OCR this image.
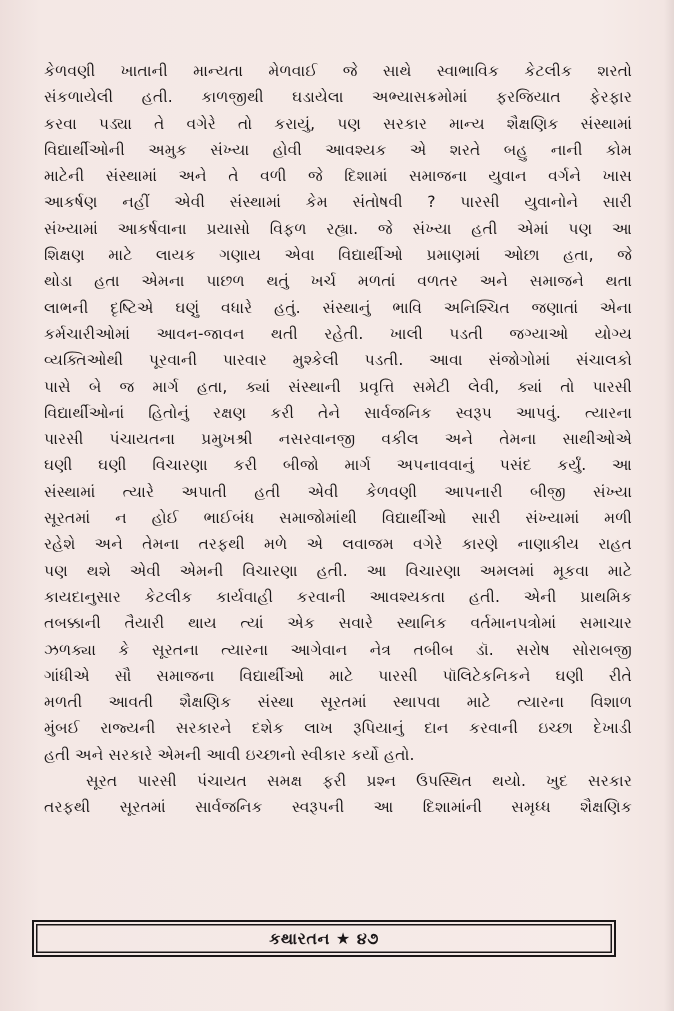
કેળવણી ખાતાની માન્યતા મેળવાઈ જે સાથે સ્વાભાવિક કેટલીક શરતો
સંકળાયેલી હતી. કાળજીથી ઘડાયેલા અભ્યાસક્રમોમાં ફરજિયાત ફેરફાર
કરવા પડ્યા તે વગેરે તો કરાયું, પણ સરકાર માન્ય શૈક્ષણિક સંસ્થામાં
વિદ્યાર્થીઓની અમુક સંખ્યા હોવી આવશ્યક એ શરતે બહુ નાની કોમ
માટેની સંસ્થામાં અને તે વળી જે દિશામાં સમાજના યુવાન વર્ગને ખાસ
આકર્ષણ નહીં એવી સંસ્થામાં કેમ સંતોષવી ? પારસી યુવાનોને સારી
સંખ્યામાં આકર્ષવાના પ્રયાસો વિફળ રહ્યા. જે સંખ્યા હતી એમાં પણ આ
શિક્ષણ માટે લાયક ગણાય એવા વિદ્યાર્થીઓ પ્રમાણમાં ઓછા હતા, જે
થોડા હતા એમના પાછળ થતું ખર્ચ મળતાં વળતર અને સમાજને થતા
લાભની દૃષ્ટિએ ઘણું વધારે હતું. સંસ્થાનું ભાવિ અનિશ્ચિત જણાતાં એના
કર્મચારીઓમાં આવન-જાવન થતી રહેતી. ખાલી પડતી જગ્યાઓ યોગ્ય
વ્યક્તિઓથી પૂરવાની પારવાર મુશ્કેલી પડતી. આવા સંજોગોમાં સંચાલકો
પાસે બે જ માર્ગ હતા, ક્યાં સંસ્થાની પ્રવૃત્તિ સમેટી લેવી, ક્યાં તો પારસી
વિદ્યાર્થીઓનાં હિતોનું રક્ષણ કરી તેને સાર્વજનિક સ્વરૂપ આપવું. ત્યારના
પારસી પંચાયતના પ્રમુખશ્રી નસરવાનજી વકીલ અને તેમના સાથીઓએ
ઘણી ઘણી વિચારણા કરી બીજો માર્ગ અપનાવવાનું પસંદ કર્યું. આ
સંસ્થામાં ત્યારે અપાતી હતી એવી કેળવણી આપનારી બીજી સંખ્યા
સૂરતમાં ન હોઈ ભાઈબંધ સમાજોમાંથી વિદ્યાર્થીઓ સારી સંખ્યામાં મળી
રહેશે અને તેમના તરફથી મળે એ લવાજમ વગેરે કારણે નાણાકીય રાહત
પણ થશે એવી એમની વિચારણા હતી. આ વિચારણા અમલમાં મૂકવા માટે
કાયદાનુસાર કેટલીક કાર્યવાહી કરવાની આવશ્યકતા હતી. એની પ્રાથમિક
તબક્કાની તૈયારી થાય ત્યાં એક સવારે સ્થાનિક વર્તમાનપત્રોમાં સમાચાર
ઝળક્યા કે સૂરતના ત્યારના આગેવાન નેત્ર તબીબ ડૉ. સરોષ સોરાબજી
ગાંધીએ સૌ સમાજના વિદ્યાર્થીઓ માટે પારસી પૉલિટેકનિકને ઘણી રીતે
મળતી આવતી શૈક્ષણિક સંસ્થા સૂરતમાં સ્થાપવા માટે ત્યારના વિશાળ
મુંબઈ રાજ્યની સરકારને દશેક લાખ રૂપિયાનું દાન કરવાની ઇચ્છા દેખાડી
હતી અને સરકારે એમની આવી ઇચ્છાનો સ્વીકાર કર્યો હતો.
સૂરત પારસી પંચાયત સમક્ષ ફરી પ્રશ્ન ઉપસ્થિત થયો. ખુદ સરકાર
તરફથી સૂરતમાં સાર્વજનિક સ્વરૂપની આ દિશામાંની સમૃધ્ધ શૈક્ષણિક
કથારતન ★ ૪૭
